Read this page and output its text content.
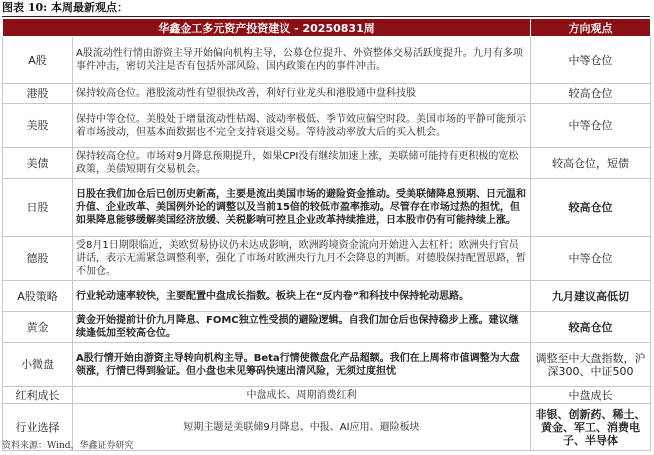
图表 10: 本周最新观点：
华鑫金工多元资产投资建议 - 20250831周		方向观点
A股	A股流动性行情由游资主导开始偏向机构主导，公募仓位提升、外资整体交易活跃度提升。九月有多项事件冲击，密切关注是否有包括外部风险、国内政策在内的事件冲击。	中等仓位
港股	保持较高仓位。港股流动性有望很快改善，利好行业龙头和港股通中盘科技股	较高仓位
美股	保持中等仓位。美股处于增量流动性枯竭、波动率极低、季节效应偏空时段。美国市场的平静可能预示着市场波动，但基本面数据也不完全支持衰退交易。等待波动率放大后的买入机会。	中等仓位
美债	保持较高仓位。市场对9月降息预期提升，如果CPI没有继续加速上涨，美联储可能持有更积极的宽松政策，美债短期有交易机会。	较高仓位，短债
日股	日股在我们加仓后已创历史新高，主要是流出美国市场的避险资金推动。受美联储降息预期、日元温和升值、企业改革、美国例外论的调整以及当前15倍的较低市盈率推动。尽管存在市场过热的担忧，但如果降息能够缓解美国经济放缓、关税影响可控且企业改革持续推进，日本股市仍有可能持续上涨。	较高仓位
德股	受8月1日期限临近，美欧贸易协议仍未达成影响，欧洲跨境资金流向开始进入去杠杆；欧洲央行官员讲话，表示无需紧急调整利率，强化了市场对欧洲央行九月不会降息的判断。对德股保持配置思路，暂不加仓。	中等仓位
A股策略	行业轮动速率较快，主要配置中盘成长指数。板块上在“反内卷”和科技中保持轮动思路。	九月建议高低切
黄金	黄金开始提前计价九月降息、FOMC独立性受损的避险逻辑。自我们加仓后也保持稳步上涨。建议继续逢低加至较高仓位。	较高仓位
小微盘	A股行情开始由游资主导转向机构主导。Beta行情使微盘化产品超额。我们在上周将市值调整为大盘领涨，行情已得到验证。但小盘也未见筹码快速出清风险，无须过度担忧	调整至中大盘指数，沪深300、中证500
红利成长	中盘成长、周期消费红利	中盘成长
行业选择	短期主题是美联储9月降息、中报、AI应用、避险板块	非银、创新药、稀土、黄金、军工、消费电子、半导体
资料来源：Wind，华鑫证券研究
